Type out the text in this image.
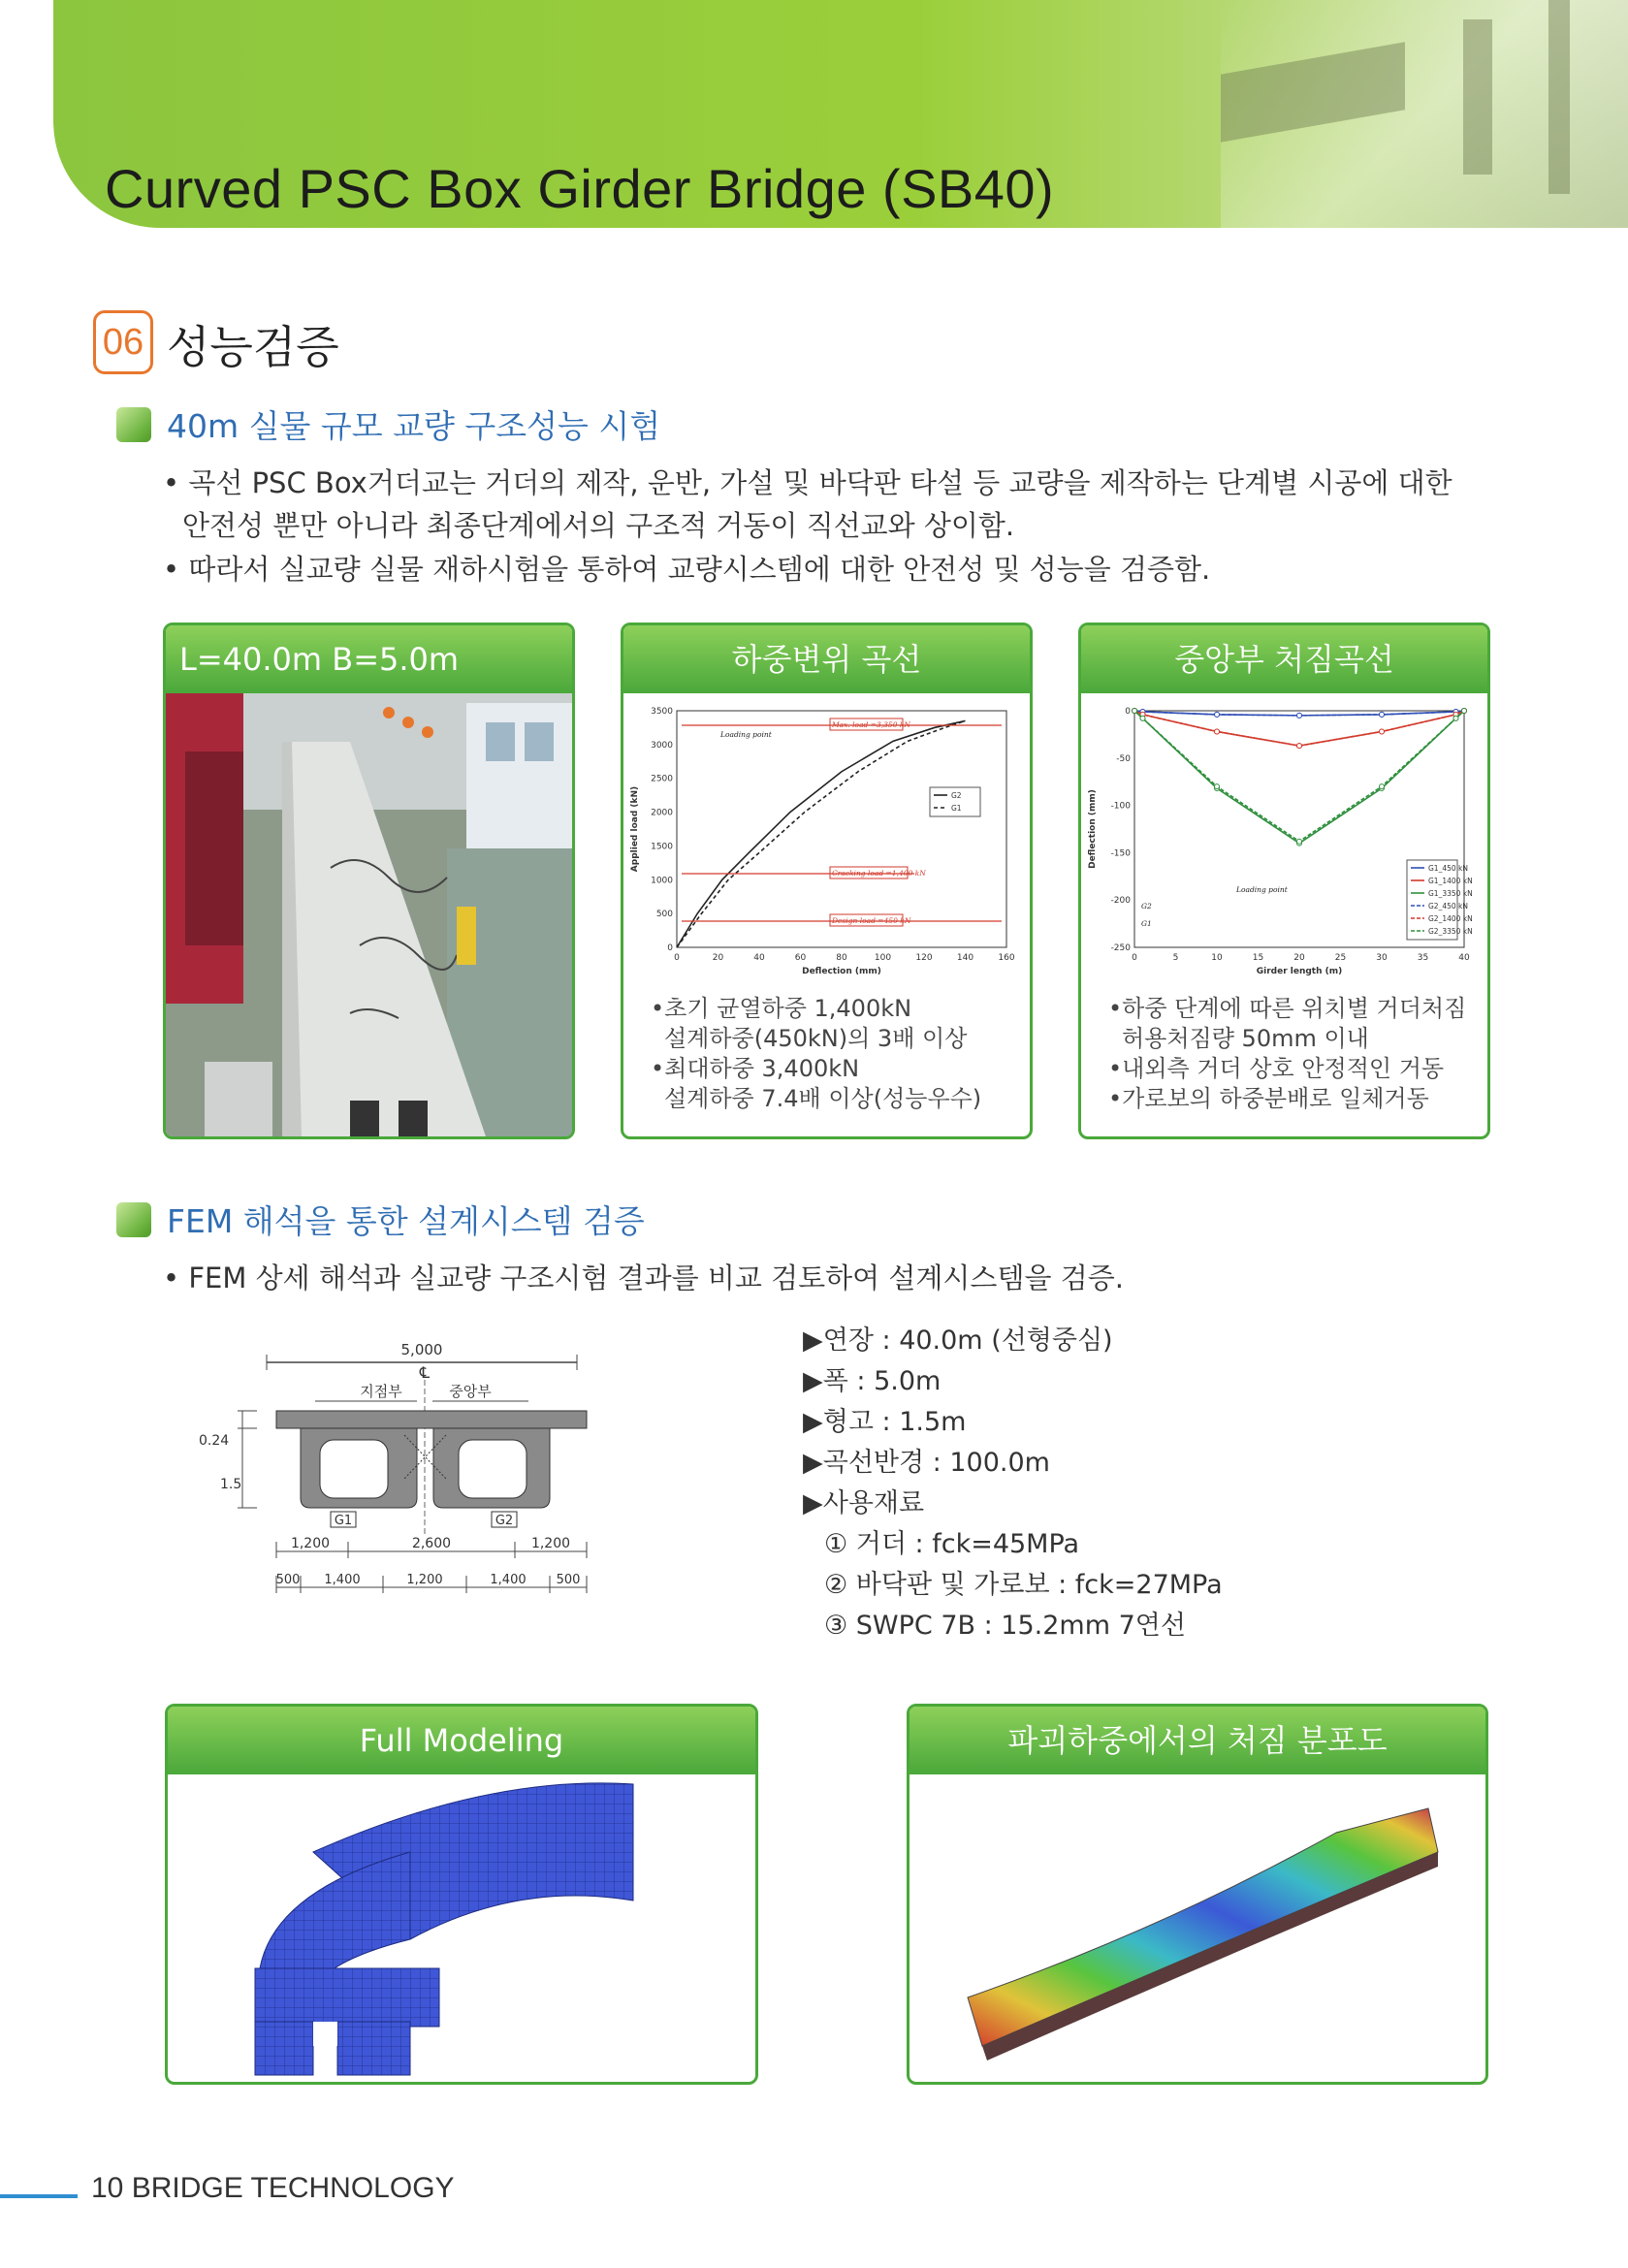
Curved PSC Box Girder Bridge (SB40)
06 성능검증
40m 실물 규모 교량 구조성능 시험
• 곡선 PSC Box거더교는 거더의 제작, 운반, 가설 및 바닥판 타설 등 교량을 제작하는 단계별 시공에 대한
안전성 뿐만 아니라 최종단계에서의 구조적 거동이 직선교와 상이함.
• 따라서 실교량 실물 재하시험을 통하여 교량시스템에 대한 안전성 및 성능을 검증함.
L=40.0m B=5.0m	하중변위 곡선
0	20	40	60	80	100	120	140	160
0
500
1000
1500
2000
2500
3000
3500
Deflection (mm)
Applied load (kN)	G2
G1
Max. load =3,350 kN
Cracking load =1,400 kN
Design load =450 kN
Loading point
•초기 균열하중 1,400kN
설계하중(450kN)의 3배 이상
•최대하중 3,400kN
설계하중 7.4배 이상(성능우수)
중앙부 처짐곡선
0	5	10	15	20	25	30	35	40
0
-50
-100
-150
-200
-250
Girder length (m)
Deflection (mm)	G1_450 kN
G1_1400 kN
G1_3350 kN
G2_450 kN
G2_1400 kN
G2_3350 kN
Loading point
G2
G1
•하중 단계에 따른 위치별 거더처짐
허용처짐량 50mm 이내
•내외측 거더 상호 안정적인 거동
•가로보의 하중분배로 일체거동
FEM 해석을 통한 설계시스템 검증
• FEM 상세 해석과 실교량 구조시험 결과를 비교 검토하여 설계시스템을 검증.
5,000
℄
지점부	중앙부
0.24
1.5
G1	G2
1,200	2,600	1,200
500 1,400	1,200	1,400 500
▶연장 : 40.0m (선형중심)
▶폭 : 5.0m
▶형고 : 1.5m
▶곡선반경 : 100.0m
▶사용재료
① 거더 : fck=45MPa
② 바닥판 및 가로보 : fck=27MPa
③ SWPC 7B : 15.2mm 7연선
Full Modeling	파괴하중에서의 처짐 분포도
10 BRIDGE TECHNOLOGY
